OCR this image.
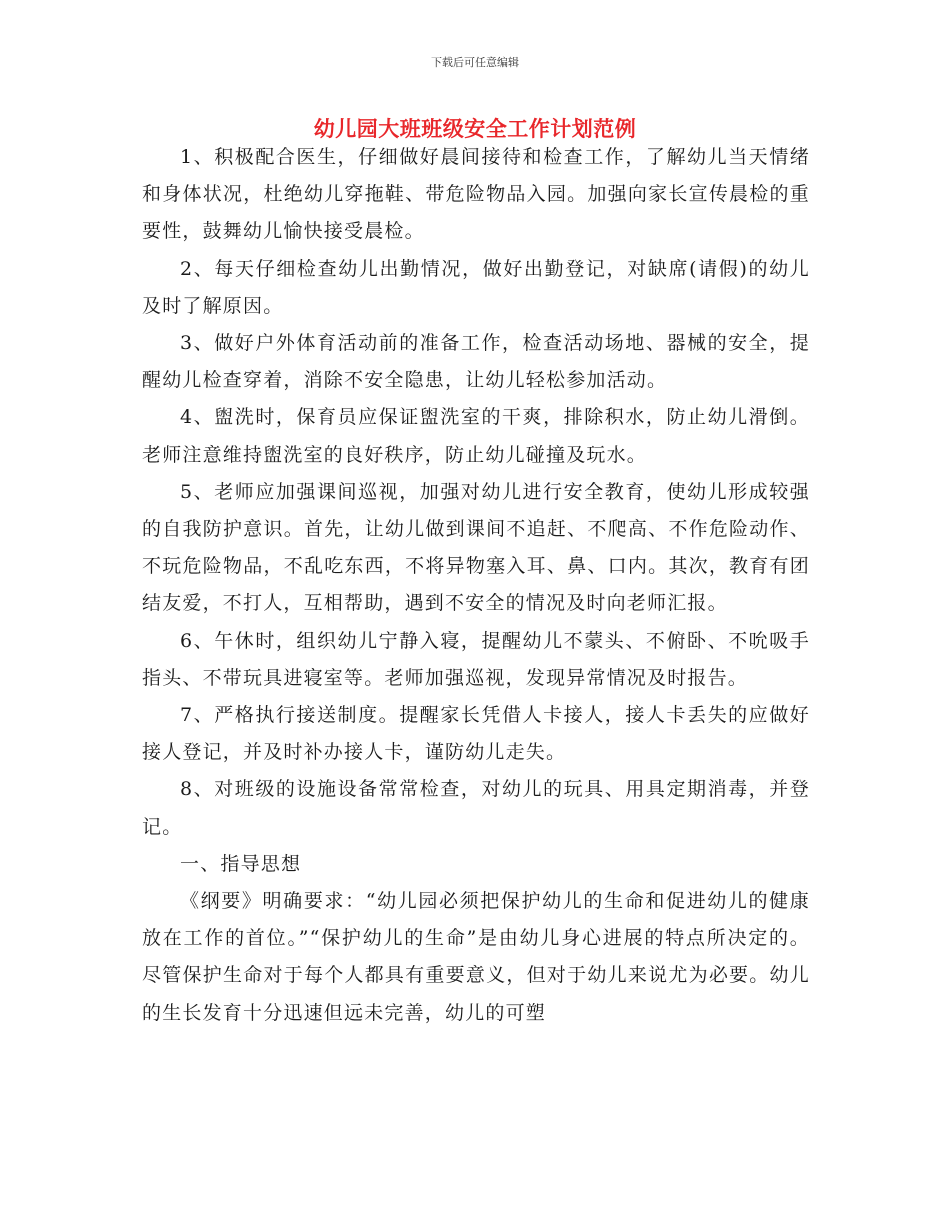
下载后可任意编辑
幼儿园大班班级安全工作计划范例

1、积极配合医生，仔细做好晨间接待和检查工作，了解幼儿当天情绪和身体状况，杜绝幼儿穿拖鞋、带危险物品入园。加强向家长宣传晨检的重要性，鼓舞幼儿愉快接受晨检。

2、每天仔细检查幼儿出勤情况，做好出勤登记，对缺席(请假)的幼儿及时了解原因。

3、做好户外体育活动前的准备工作，检查活动场地、器械的安全，提醒幼儿检查穿着，消除不安全隐患，让幼儿轻松参加活动。

4、盥洗时，保育员应保证盥洗室的干爽，排除积水，防止幼儿滑倒。老师注意维持盥洗室的良好秩序，防止幼儿碰撞及玩水。

5、老师应加强课间巡视，加强对幼儿进行安全教育，使幼儿形成较强的自我防护意识。首先，让幼儿做到课间不追赶、不爬高、不作危险动作、不玩危险物品，不乱吃东西，不将异物塞入耳、鼻、口内。其次，教育有团结友爱，不打人，互相帮助，遇到不安全的情况及时向老师汇报。

6、午休时，组织幼儿宁静入寝，提醒幼儿不蒙头、不俯卧、不吮吸手指头、不带玩具进寝室等。老师加强巡视，发现异常情况及时报告。

7、严格执行接送制度。提醒家长凭借人卡接人，接人卡丢失的应做好接人登记，并及时补办接人卡，谨防幼儿走失。

8、对班级的设施设备常常检查，对幼儿的玩具、用具定期消毒，并登记。

一、指导思想

《纲要》明确要求：“幼儿园必须把保护幼儿的生命和促进幼儿的健康放在工作的首位。”“保护幼儿的生命”是由幼儿身心进展的特点所决定的。尽管保护生命对于每个人都具有重要意义，但对于幼儿来说尤为必要。幼儿的生长发育十分迅速但远未完善，幼儿的可塑
